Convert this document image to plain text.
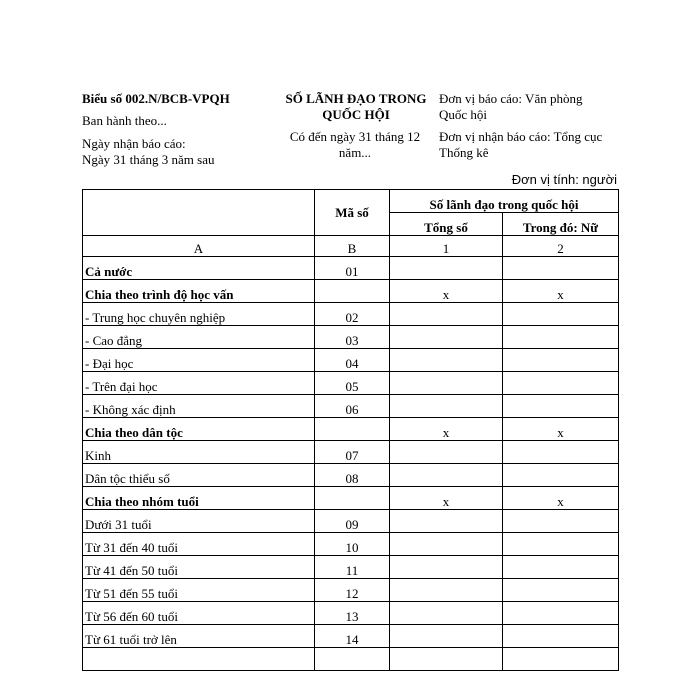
Biểu số 002.N/BCB-VPQH
Ban hành theo...
Ngày nhận báo cáo:
Ngày 31 tháng 3 năm sau
SỐ LÃNH ĐẠO TRONG
QUỐC HỘI
Có đến ngày 31 tháng 12
năm...
Đơn vị báo cáo: Văn phòng
Quốc hội
Đơn vị nhận báo cáo: Tổng cục
Thống kê
Đơn vị tính: người
	Mã số	Số lãnh đạo trong quốc hội	
		Tổng số	Trong đó: Nữ
A	B	1	2
Cả nước	01		
Chia theo trình độ học vấn		x	x
- Trung học chuyên nghiệp	02		
- Cao đẳng	03		
- Đại học	04		
- Trên đại học	05		
- Không xác định	06		
Chia theo dân tộc		x	x
Kinh	07		
Dân tộc thiểu số	08		
Chia theo nhóm tuổi		x	x
Dưới 31 tuổi	09		
Từ 31 đến 40 tuổi	10		
Từ 41 đến 50 tuổi	11		
Từ 51 đến 55 tuổi	12		
Từ 56 đến 60 tuổi	13		
Từ 61 tuổi trở lên	14		
